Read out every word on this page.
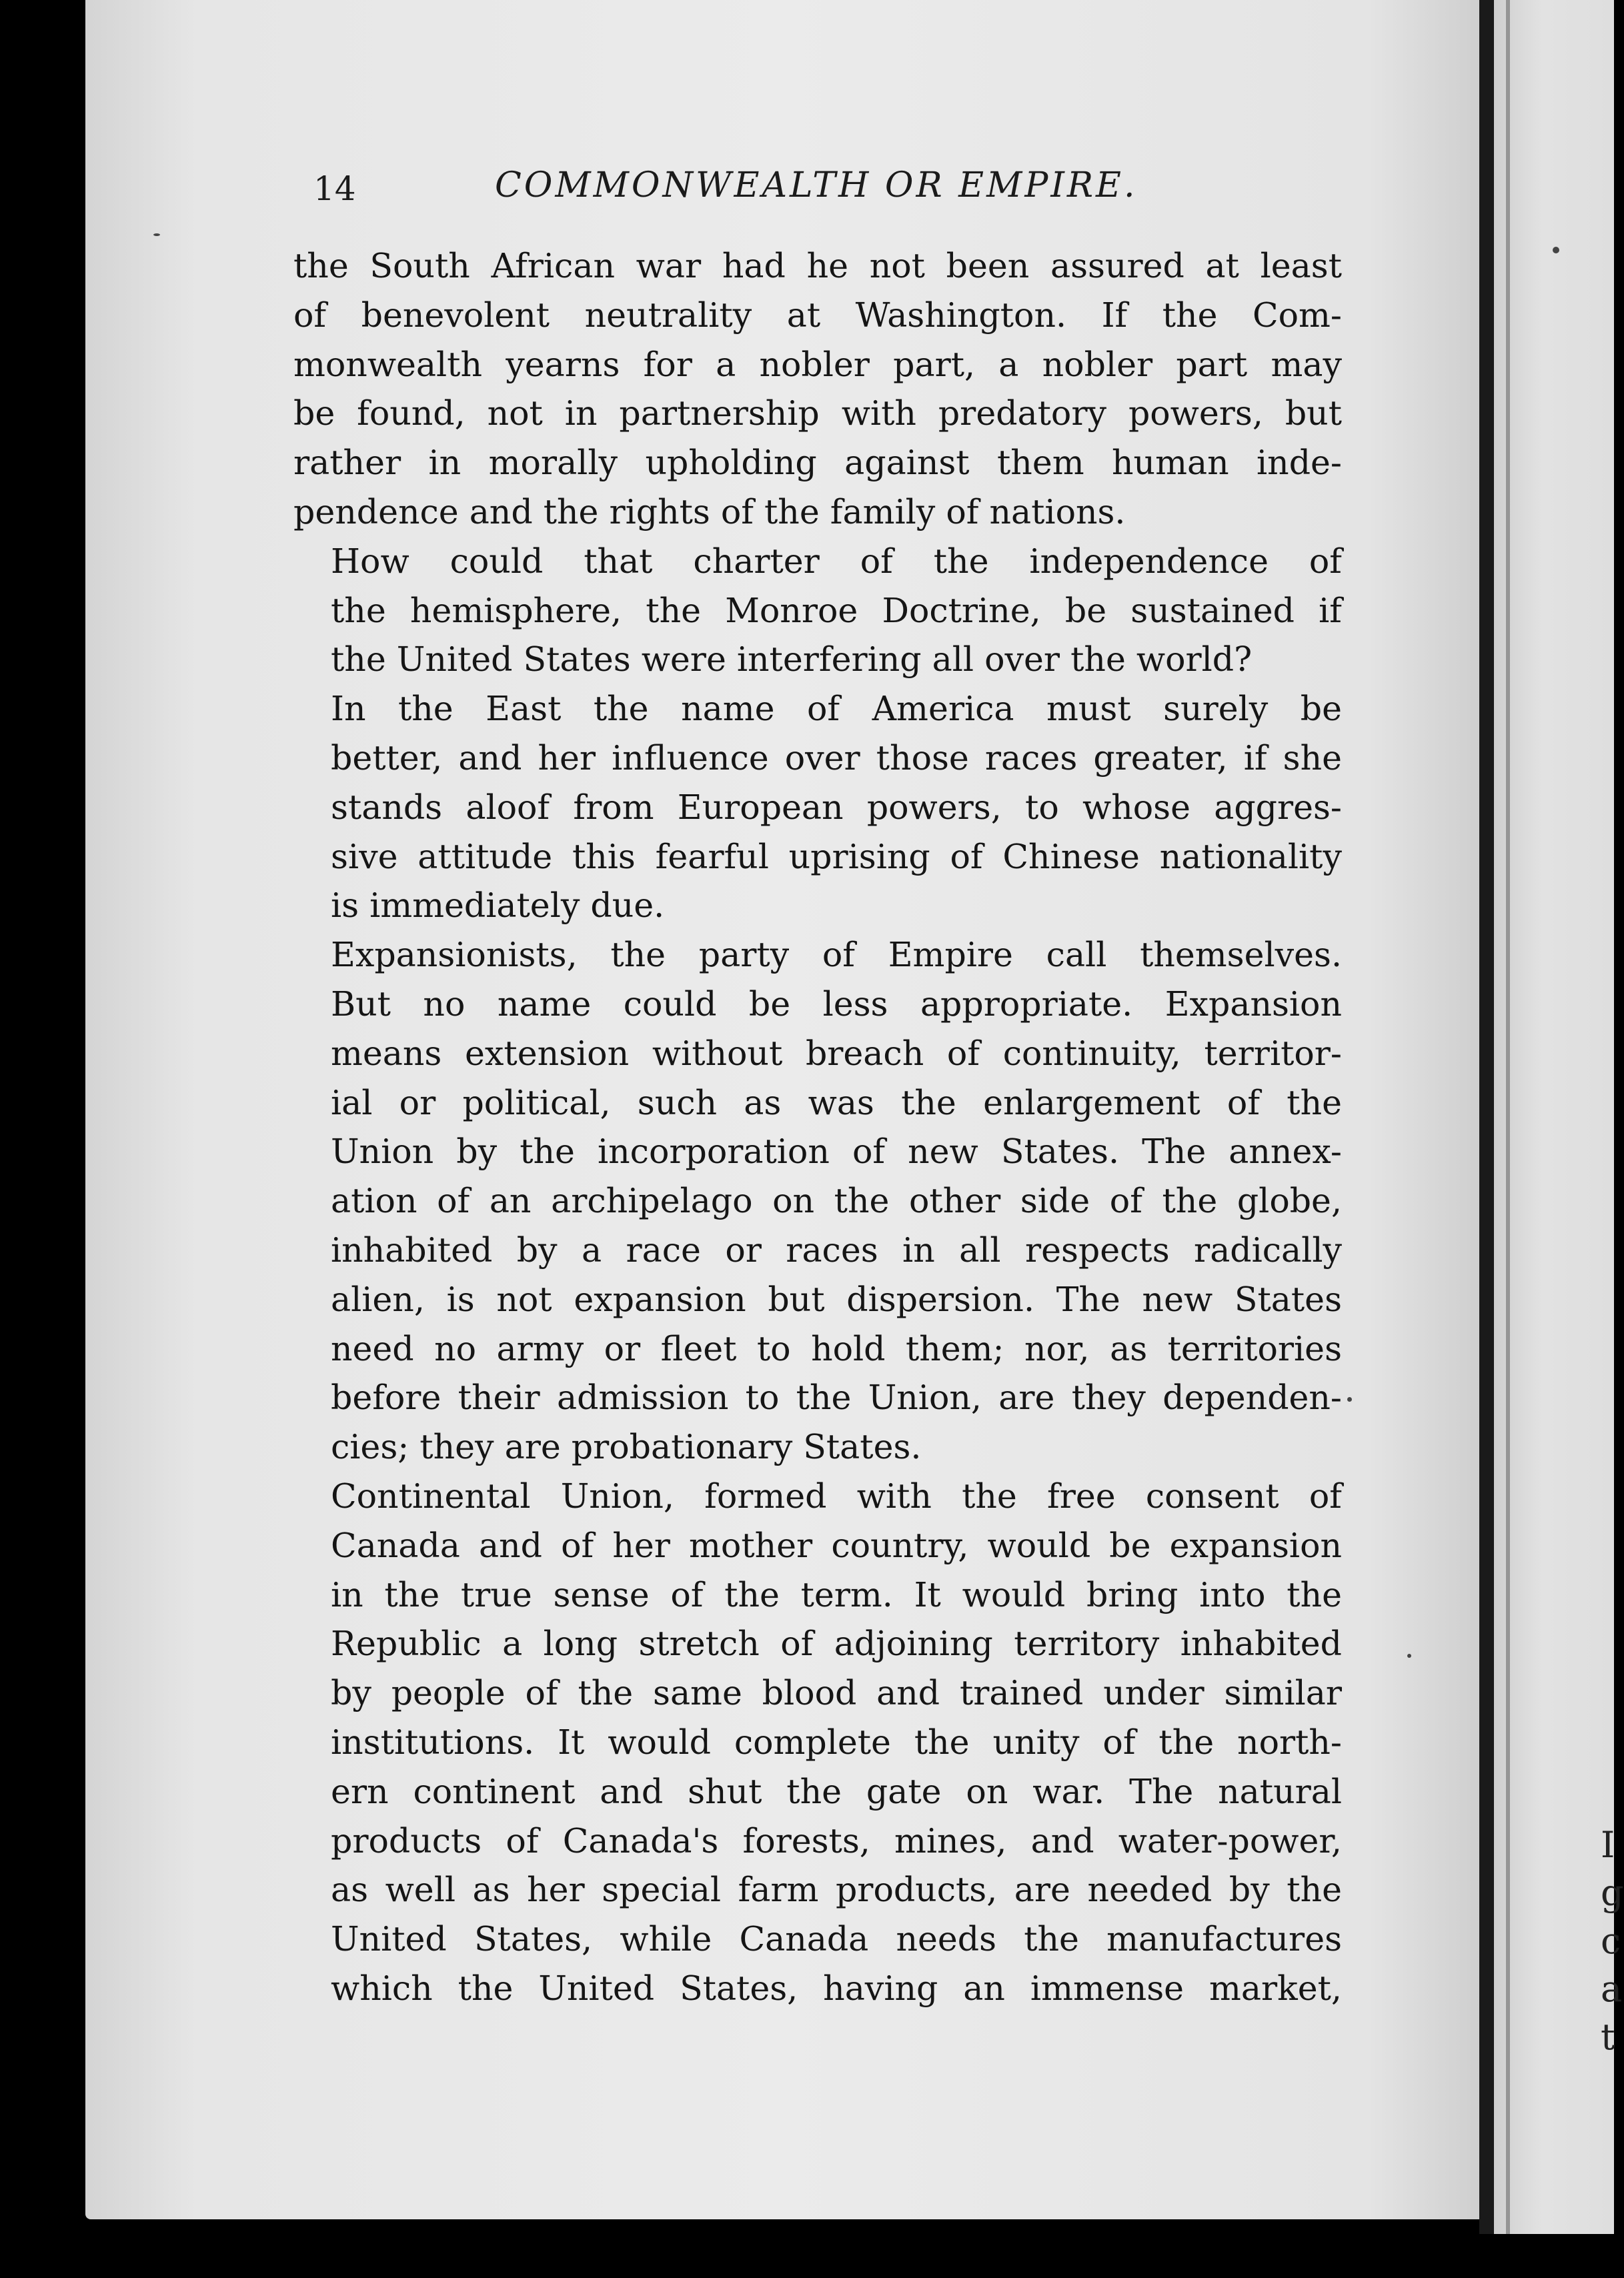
I
g
c
a
t
14	COMMONWEALTH OR EMPIRE.

the South African war had he not been assured at least
of benevolent neutrality at Washington. If the Com-
monwealth yearns for a nobler part, a nobler part may
be found, not in partnership with predatory powers, but
rather in morally upholding against them human inde-
pendence and the rights of the family of nations.

How could that charter of the independence of
the hemisphere, the Monroe Doctrine, be sustained if
the United States were interfering all over the world?

In the East the name of America must surely be
better, and her influence over those races greater, if she
stands aloof from European powers, to whose aggres-
sive attitude this fearful uprising of Chinese nationality
is immediately due.

Expansionists, the party of Empire call themselves.
But no name could be less appropriate. Expansion
means extension without breach of continuity, territor-
ial or political, such as was the enlargement of the
Union by the incorporation of new States. The annex-
ation of an archipelago on the other side of the globe,
inhabited by a race or races in all respects radically
alien, is not expansion but dispersion. The new States
need no army or fleet to hold them; nor, as territories
before their admission to the Union, are they dependen-
cies; they are probationary States.

Continental Union, formed with the free consent of
Canada and of her mother country, would be expansion
in the true sense of the term. It would bring into the
Republic a long stretch of adjoining territory inhabited
by people of the same blood and trained under similar
institutions. It would complete the unity of the north-
ern continent and shut the gate on war. The natural
products of Canada's forests, mines, and water-power,
as well as her special farm products, are needed by the
United States, while Canada needs the manufactures
which the United States, having an immense market,
